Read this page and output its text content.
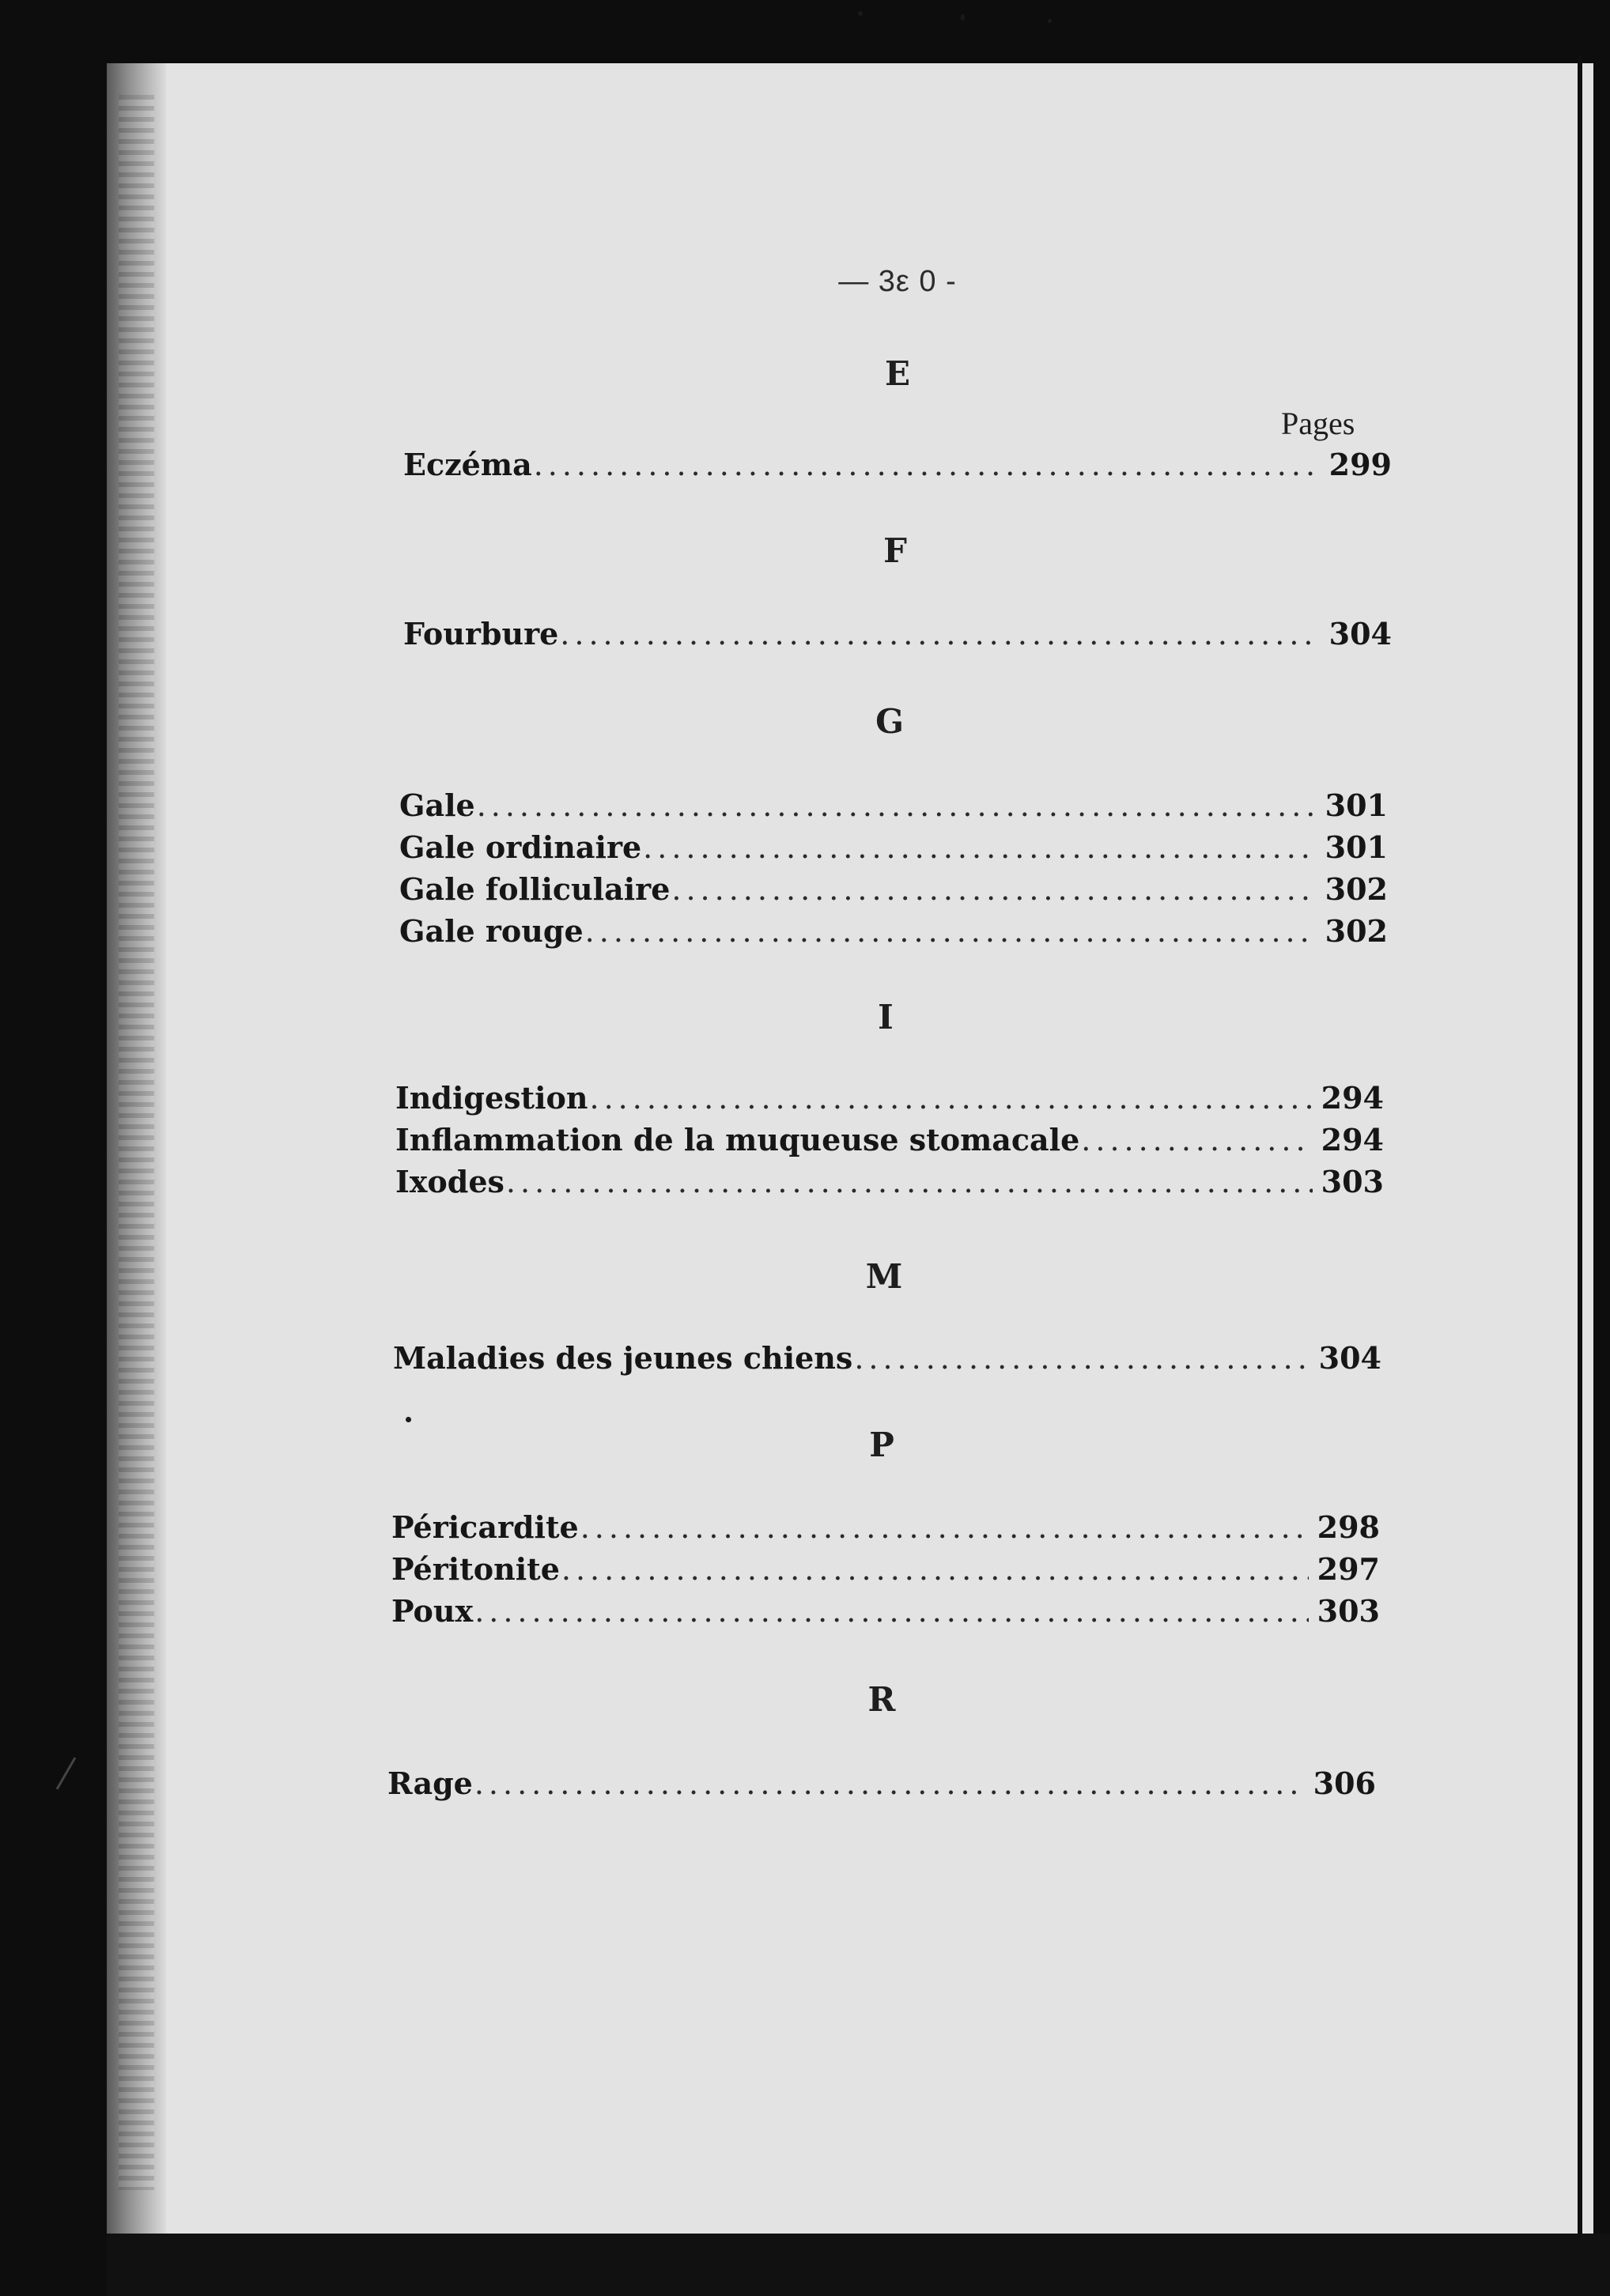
— 3ε 0 -
Pages
E
Eczéma .....	299
F
Fourbure .....	304
G
Gale .....	301
Gale ordinaire .....	301
Gale folliculaire .....	302
Gale rouge .....	302
I
Indigestion .....	294
Inflammation de la muqueuse stomacale .....	294
Ixodes .....	303
M
Maladies des jeunes chiens .....	304
P
Péricardite .....	298
Péritonite .....	297
Poux .....	303
R
Rage .....	306
